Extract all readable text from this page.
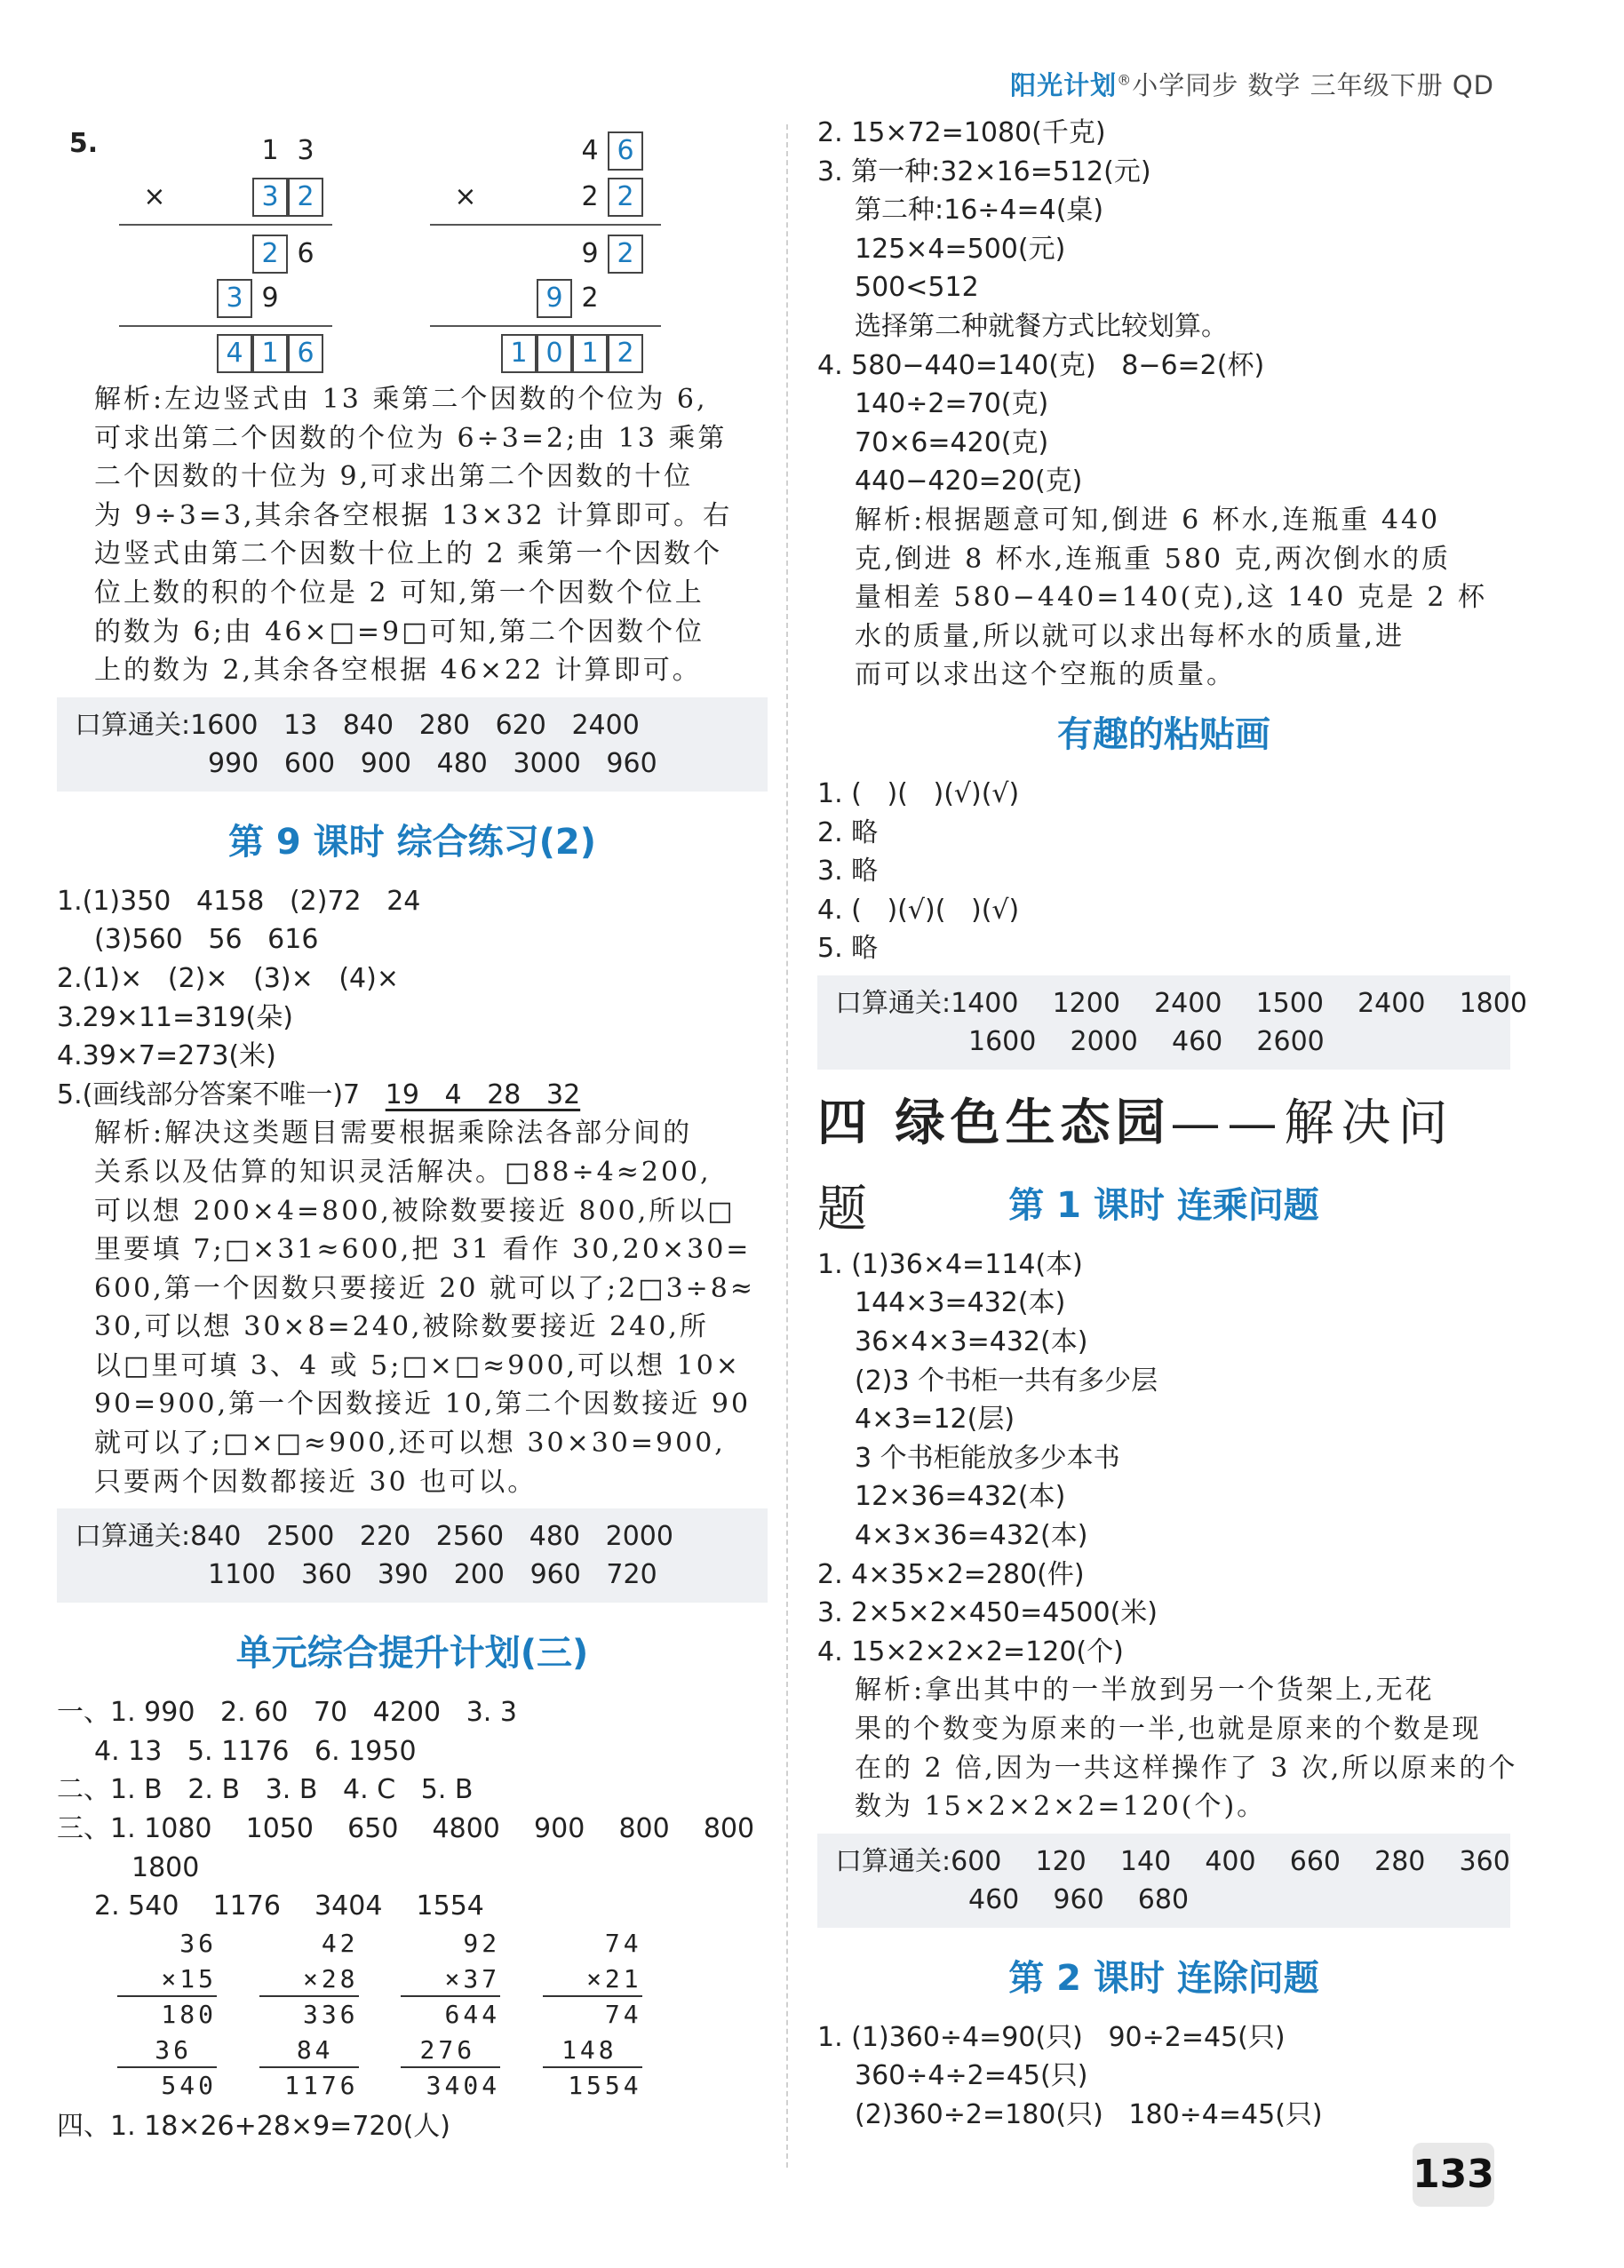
阳光计划®小学同步 数学 三年级下册 QD
5.	1 3
×	3 2
2 6
3 9
4 1 6
4 6
×	2 2
9 2
9 2
1 0 1 2
解析:左边竖式由 13 乘第二个因数的个位为 6,
可求出第二个因数的个位为 6÷3=2;由 13 乘第
二个因数的十位为 9,可求出第二个因数的十位
为 9÷3=3,其余各空根据 13×32 计算即可。右
边竖式由第二个因数十位上的 2 乘第一个因数个
位上数的积的个位是 2 可知,第一个因数个位上
的数为 6;由 46×□=9□可知,第二个因数个位
上的数为 2,其余各空根据 46×22 计算即可。
口算通关:1600   13   840   280   620   2400
990   600   900   480   3000   960
第 9 课时 综合练习(2)
1.(1)350   4158   (2)72   24
(3)560   56   616
2.(1)×   (2)×   (3)×   (4)×
3.29×11=319(朵)
4.39×7=273(米)
5.(画线部分答案不唯一)7   19   4   28   32
解析:解决这类题目需要根据乘除法各部分间的
关系以及估算的知识灵活解决。□88÷4≈200,
可以想 200×4=800,被除数要接近 800,所以□
里要填 7;□×31≈600,把 31 看作 30,20×30=
600,第一个因数只要接近 20 就可以了;2□3÷8≈
30,可以想 30×8=240,被除数要接近 240,所
以□里可填 3、4 或 5;□×□≈900,可以想 10×
90=900,第一个因数接近 10,第二个因数接近 90
就可以了;□×□≈900,还可以想 30×30=900,
只要两个因数都接近 30 也可以。
口算通关:840   2500   220   2560   480   2000
1100   360   390   200   960   720
单元综合提升计划(三)
一、1. 990   2. 60   70   4200   3. 3
4. 13   5. 1176   6. 1950
二、1. B   2. B   3. B   4. C   5. B
三、1. 1080    1050    650    4800    900    800    800
1800
2. 540    1176    3404    1554
36
×15
180
36
540

42
×28
336
84
1176

92
×37
644
276
3404

74
×21
74
148
1554
四、1. 18×26+28×9=720(人)
2. 15×72=1080(千克)
3. 第一种:32×16=512(元)
第二种:16÷4=4(桌)
125×4=500(元)
500<512
选择第二种就餐方式比较划算。
4. 580−440=140(克)   8−6=2(杯)
140÷2=70(克)
70×6=420(克)
440−420=20(克)
解析:根据题意可知,倒进 6 杯水,连瓶重 440
克,倒进 8 杯水,连瓶重 580 克,两次倒水的质
量相差 580−440=140(克),这 140 克是 2 杯
水的质量,所以就可以求出每杯水的质量,进
而可以求出这个空瓶的质量。
有趣的粘贴画
1. (   )(   )(√)(√)
2. 略
3. 略
4. (   )(√)(   )(√)
5. 略
口算通关:1400    1200    2400    1500    2400    1800
1600    2000    460    2600
四 绿色生态园——解决问题	第 1 课时 连乘问题
1. (1)36×4=114(本)
144×3=432(本)
36×4×3=432(本)
(2)3 个书柜一共有多少层
4×3=12(层)
3 个书柜能放多少本书
12×36=432(本)
4×3×36=432(本)
2. 4×35×2=280(件)
3. 2×5×2×450=4500(米)
4. 15×2×2×2=120(个)
解析:拿出其中的一半放到另一个货架上,无花
果的个数变为原来的一半,也就是原来的个数是现
在的 2 倍,因为一共这样操作了 3 次,所以原来的个
数为 15×2×2×2=120(个)。
口算通关:600    120    140    400    660    280    360
460    960    680
第 2 课时 连除问题
1. (1)360÷4=90(只)   90÷2=45(只)
360÷4÷2=45(只)
(2)360÷2=180(只)   180÷4=45(只)
133
